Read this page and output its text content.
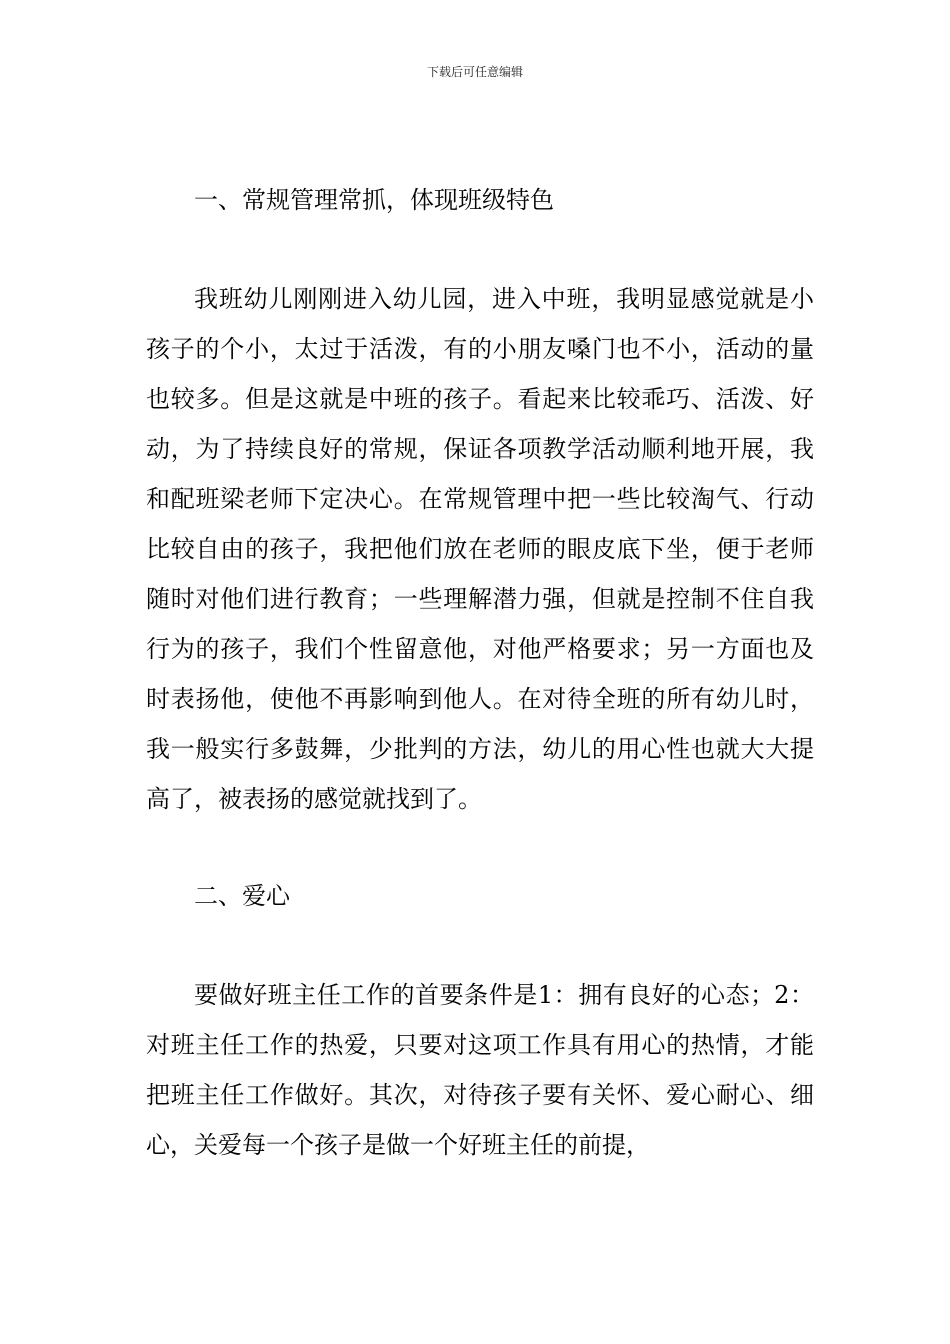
下载后可任意编辑

一、常规管理常抓，体现班级特色

我班幼儿刚刚进入幼儿园，进入中班，我明显感觉就是小孩子的个小，太过于活泼，有的小朋友嗓门也不小，活动的量也较多。但是这就是中班的孩子。看起来比较乖巧、活泼、好动，为了持续良好的常规，保证各项教学活动顺利地开展，我和配班梁老师下定决心。在常规管理中把一些比较淘气、行动比较自由的孩子，我把他们放在老师的眼皮底下坐，便于老师随时对他们进行教育；一些理解潜力强，但就是控制不住自我行为的孩子，我们个性留意他，对他严格要求；另一方面也及时表扬他，使他不再影响到他人。在对待全班的所有幼儿时，我一般实行多鼓舞，少批判的方法，幼儿的用心性也就大大提高了，被表扬的感觉就找到了。

二、爱心

要做好班主任工作的首要条件是1：拥有良好的心态；2：对班主任工作的热爱，只要对这项工作具有用心的热情，才能把班主任工作做好。其次，对待孩子要有关怀、爱心耐心、细心，关爱每一个孩子是做一个好班主任的前提，
